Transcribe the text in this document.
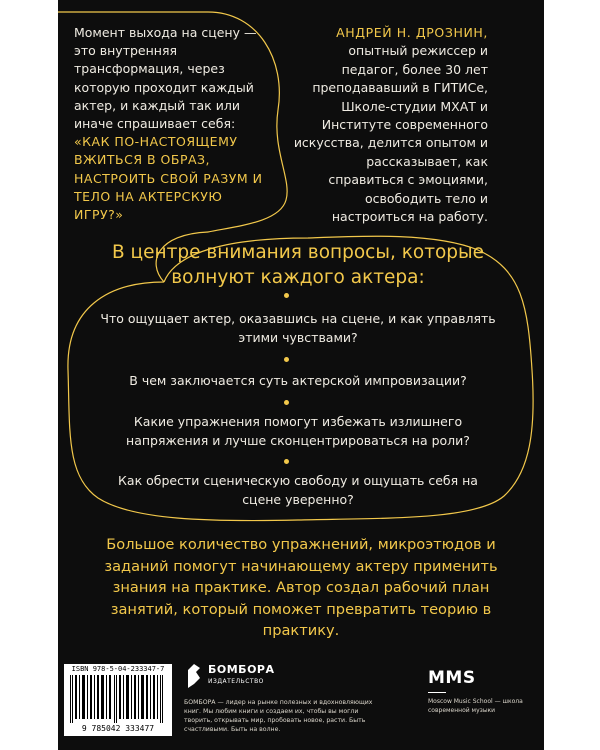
Момент выхода на сцену — это внутренняя трансформация, через которую проходит каждый актер, и каждый так или иначе спрашивает себя:
«КАК ПО-НАСТОЯЩЕМУ ВЖИТЬСЯ В ОБРАЗ, НАСТРОИТЬ СВОЙ РАЗУМ И ТЕЛО НА АКТЕРСКУЮ ИГРУ?»
АНДРЕЙ Н. ДРОЗНИН, опытный режиссер и педагог, более 30 лет преподававший в ГИТИСе, Школе-студии МХАТ и Институте современного искусства, делится опытом и рассказывает, как справиться с эмоциями, освободить тело и настроиться на работу.
В центре внимания вопросы, которые волнуют каждого актера:
Что ощущает актер, оказавшись на сцене, и как управлять этими чувствами?
В чем заключается суть актерской импровизации?
Какие упражнения помогут избежать излишнего напряжения и лучше сконцентрироваться на роли?
Как обрести сценическую свободу и ощущать себя на сцене уверенно?
Большое количество упражнений, микроэтюдов и заданий помогут начинающему актеру применить знания на практике. Автор создал рабочий план занятий, который поможет превратить теорию в практику.
ISBN 978-5-04-233347-7
9 785042 333477
БОМБОРА
ИЗДАТЕЛЬСТВО
БОМБОРА — лидер на рынке полезных и вдохновляющих книг. Мы любим книги и создаем их, чтобы вы могли творить, открывать мир, пробовать новое, расти. Быть счастливыми. Быть на волне.
MMS
Moscow Music School — школа современной музыки
